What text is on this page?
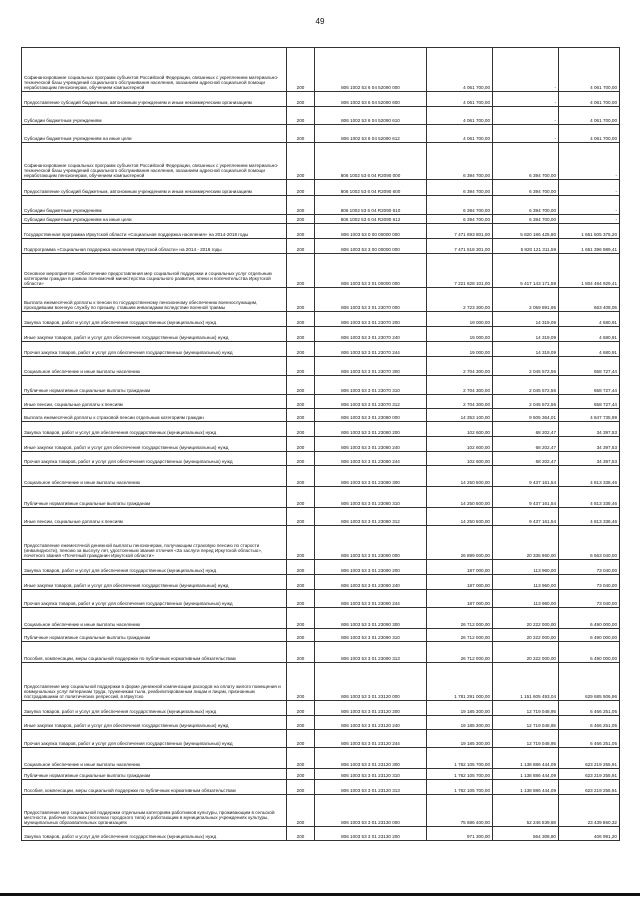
49
Софинансирование социальных программ субъектов Российской Федерации, связанных с укреплением материально-технической базы учреждений социального обслуживания населения, оказанием адресной социальной помощи неработающим пенсионерам, обучением компьютерной	200	806 1002 53 6 04 52090 000	4 061 700,00	-	4 061 700,00
Предоставление субсидий бюджетным, автономным учреждениям и иным некоммерческим организациям	200	806 1002 53 6 04 52090 600	4 061 700,00	-	4 061 700,00
Субсидии бюджетным учреждениям	200	806 1002 53 6 04 52090 610	4 061 700,00	-	4 061 700,00
Субсидии бюджетным учреждениям на иные цели	200	806 1002 53 6 04 52090 612	4 061 700,00	-	4 061 700,00
Софинансирование социальных программ субъектов Российской Федерации, связанных с укреплением материально-технической базы учреждений социального обслуживания населения, оказанием адресной социальной помощи неработающим пенсионерам, обучением компьютерной	200	806 1002 53 6 04 R2090 000	6 394 700,00	6 394 700,00	-
Предоставление субсидий бюджетным, автономным учреждениям и иным некоммерческим организациям	200	806 1002 53 6 04 R2090 600	6 394 700,00	6 394 700,00	-
Субсидии бюджетным учреждениям	200	806 1002 53 6 04 R2090 610	6 394 700,00	6 394 700,00	-
Субсидии бюджетным учреждениям на иные цели	200	806 1002 53 6 04 R2090 612	6 394 700,00	6 394 700,00	-
Государственная программа Иркутской области «Социальная поддержка населения» на 2014-2018 годы	200	806 1003 53 0 00 00000 000	7 471 693 801,00	5 820 186 425,80	1 651 505 375,20
Подпрограмма «Социальная поддержка населения Иркутской области» на 2014 - 2018 годы	200	806 1003 53 3 00 00000 000	7 471 518 301,00	5 820 121 311,59	1 651 396 989,41
Основное мероприятие «Обеспечение предоставления мер социальной поддержки и социальных услуг отдельным категориям граждан в рамках полномочий министерства социального развития, опеки и попечительства Иркутской области»	200	806 1003 53 3 01 00000 000	7 221 628 101,00	5 417 143 171,59	1 804 484 929,41
Выплата ежемесячной доплаты к пенсии по государственному пенсионному обеспечению военнослужащим, проходившим военную службу по призыву, ставшим инвалидами вследствие военной травмы	200	806 1003 53 3 01 23070 000	2 723 300,00	2 059 891,95	663 408,05
Закупка товаров, работ и услуг для обеспечения государственных (муниципальных) нужд	200	806 1003 53 3 01 23070 200	19 000,00	14 319,09	4 680,91
Иные закупки товаров, работ и услуг для обеспечения государственных (муниципальных) нужд	200	806 1003 53 3 01 23070 240	19 000,00	14 319,09	4 680,91
Прочая закупка товаров, работ и услуг для обеспечения государственных (муниципальных) нужд	200	806 1003 53 3 01 23070 244	19 000,00	14 319,09	4 680,91
Социальное обеспечение и иные выплаты населению	200	806 1003 53 3 01 23070 300	2 704 300,00	2 045 572,56	658 727,44
Публичные нормативные социальные выплаты гражданам	200	806 1003 53 3 01 23070 310	2 704 300,00	2 045 572,56	658 727,44
Иные пенсии, социальные доплаты к пенсиям	200	806 1003 53 3 01 23070 312	2 704 300,00	2 045 572,56	658 727,44
Выплата ежемесячной доплаты к страховой пенсии отдельным категориям граждан	200	806 1003 53 3 01 23080 000	14 353 100,00	9 505 364,01	4 847 735,99
Закупка товаров, работ и услуг для обеспечения государственных (муниципальных) нужд	200	806 1003 53 3 01 23080 200	102 600,00	68 202,47	34 397,53
Иные закупки товаров, работ и услуг для обеспечения государственных (муниципальных) нужд	200	806 1003 53 3 01 23080 240	102 600,00	68 202,47	34 397,53
Прочая закупка товаров, работ и услуг для обеспечения государственных (муниципальных) нужд	200	806 1003 53 3 01 23080 244	102 600,00	68 202,47	34 397,53
Социальное обеспечение и иные выплаты населению	200	806 1003 53 3 01 23080 300	14 250 500,00	9 437 161,54	4 813 338,46
Публичные нормативные социальные выплаты гражданам	200	806 1003 53 3 01 23080 310	14 250 500,00	9 437 161,54	4 813 338,46
Иные пенсии, социальные доплаты к пенсиям	200	806 1003 53 3 01 23080 312	14 250 500,00	9 437 161,54	4 813 338,46
Предоставление ежемесячной денежной выплаты пенсионерам, получающим страховую пенсию по старости (инвалидности), пенсию за выслугу лет, удостоенным звания отличия «За заслуги перед Иркутской областью», почетного звания «Почетный гражданин Иркутской области»	200	806 1003 53 3 01 23090 000	26 899 000,00	20 335 960,00	6 563 040,00
Закупка товаров, работ и услуг для обеспечения государственных (муниципальных) нужд	200	806 1003 53 3 01 23090 200	187 000,00	113 960,00	73 040,00
Иные закупки товаров, работ и услуг для обеспечения государственных (муниципальных) нужд	200	806 1003 53 3 01 23090 240	187 000,00	113 960,00	73 040,00
Прочая закупка товаров, работ и услуг для обеспечения государственных (муниципальных) нужд	200	806 1003 53 3 01 23090 244	187 000,00	113 960,00	73 040,00
Социальное обеспечение и иные выплаты населению	200	806 1003 53 3 01 23090 300	26 712 000,00	20 222 000,00	6 490 000,00
Публичные нормативные социальные выплаты гражданам	200	806 1003 53 3 01 23090 310	26 712 000,00	20 222 000,00	6 490 000,00
Пособия, компенсации, меры социальной поддержки по публичным нормативным обязательствам	200	806 1003 53 3 01 23090 313	26 712 000,00	20 222 000,00	6 490 000,00
Предоставление мер социальной поддержки в форме денежной компенсации расходов на оплату жилого помещения и коммунальных услуг ветеранам труда, труженикам тыла, реабилитированным лицам и лицам, признанным пострадавшими от политических репрессий, в Иркутско	200	806 1003 53 3 01 23120 000	1 781 291 000,00	1 151 605 493,04	629 685 506,96
Закупка товаров, работ и услуг для обеспечения государственных (муниципальных) нужд	200	806 1003 53 3 01 23120 200	19 185 300,00	12 719 048,95	6 466 251,05
Иные закупки товаров, работ и услуг для обеспечения государственных (муниципальных) нужд	200	806 1003 53 3 01 23120 240	19 185 300,00	12 719 048,95	6 466 251,05
Прочая закупка товаров, работ и услуг для обеспечения государственных (муниципальных) нужд	200	806 1003 53 3 01 23120 244	19 185 300,00	12 719 048,95	6 466 251,05
Социальное обеспечение и иные выплаты населению	200	806 1003 53 3 01 23120 300	1 762 105 700,00	1 138 886 444,09	623 219 255,91
Публичные нормативные социальные выплаты гражданам	200	806 1003 53 3 01 23120 310	1 762 105 700,00	1 138 886 444,09	623 219 255,91
Пособия, компенсации, меры социальной поддержки по публичным нормативным обязательствам	200	806 1003 53 3 01 23120 313	1 762 105 700,00	1 138 886 444,09	623 219 255,91
Предоставление мер социальной поддержки отдельным категориям работников культуры, проживающим в сельской местности, рабочих поселках (поселках городского типа) и работающим в муниципальных учреждениях культуры, муниципальных образовательных организациях	200	806 1003 53 3 01 23130 000	75 686 400,00	52 246 539,68	23 439 860,32
Закупка товаров, работ и услуг для обеспечения государственных (муниципальных) нужд	200	806 1003 53 3 01 23130 200	971 300,00	564 308,80	406 991,20
